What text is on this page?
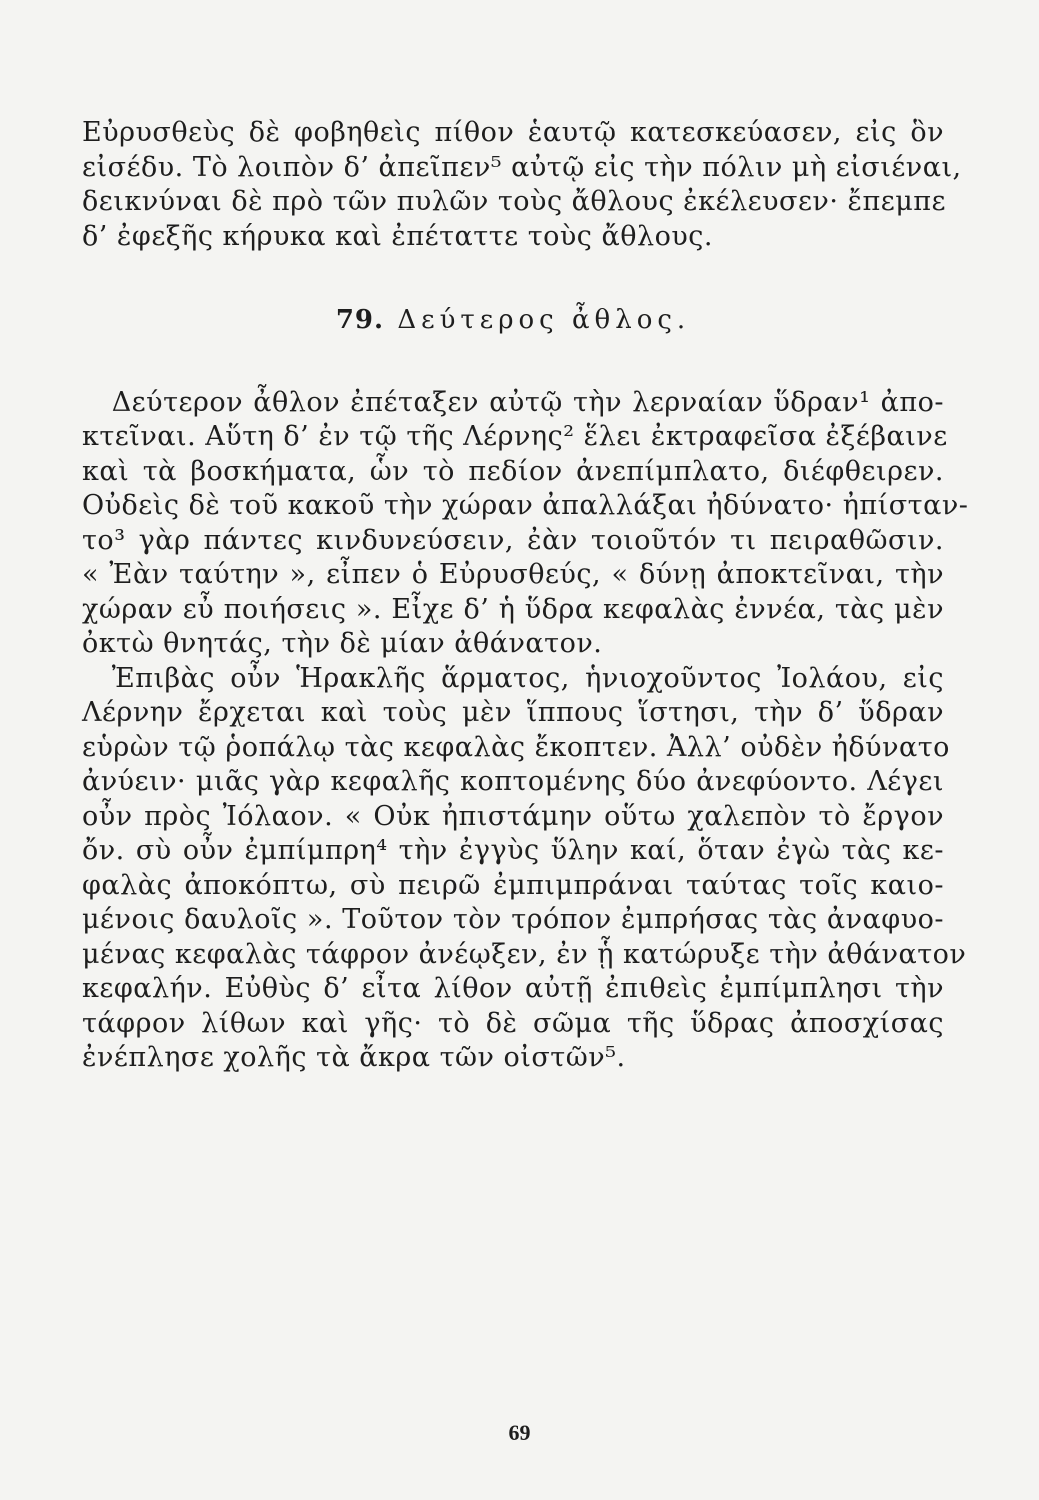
Εὐρυσθεὺς δὲ φοβηθεὶς πίθον ἑαυτῷ κατεσκεύασεν, εἰς ὃν
εἰσέδυ. Τὸ λοιπὸν δ’ ἀπεῖπεν⁵ αὐτῷ εἰς τὴν πόλιν μὴ εἰσιέναι,
δεικνύναι δὲ πρὸ τῶν πυλῶν τοὺς ἄθλους ἐκέλευσεν· ἔπεμπε
δ’ ἐφεξῆς κήρυκα καὶ ἐπέταττε τοὺς ἄθλους.
79. Δεύτερος ἆθλος.
Δεύτερον ἆθλον ἐπέταξεν αὐτῷ τὴν λερναίαν ὕδραν¹ ἀπο-
κτεῖναι. Αὕτη δ’ ἐν τῷ τῆς Λέρνης² ἕλει ἐκτραφεῖσα ἐξέβαινε
καὶ τὰ βοσκήματα, ὧν τὸ πεδίον ἀνεπίμπλατο, διέφθειρεν.
Οὐδεὶς δὲ τοῦ κακοῦ τὴν χώραν ἀπαλλάξαι ἠδύνατο· ἠπίσταν-
το³ γὰρ πάντες κινδυνεύσειν, ἐὰν τοιοῦτόν τι πειραθῶσιν.
« Ἐὰν ταύτην », εἶπεν ὁ Εὐρυσθεύς, « δύνῃ ἀποκτεῖναι, τὴν
χώραν εὖ ποιήσεις ». Εἶχε δ’ ἡ ὕδρα κεφαλὰς ἐννέα, τὰς μὲν
ὀκτὼ θνητάς, τὴν δὲ μίαν ἀθάνατον.
Ἐπιβὰς οὖν Ἡρακλῆς ἅρματος, ἡνιοχοῦντος Ἰολάου, εἰς
Λέρνην ἔρχεται καὶ τοὺς μὲν ἵππους ἵστησι, τὴν δ’ ὕδραν
εὑρὼν τῷ ῥοπάλῳ τὰς κεφαλὰς ἔκοπτεν. Ἀλλ’ οὐδὲν ἠδύνατο
ἀνύειν· μιᾶς γὰρ κεφαλῆς κοπτομένης δύο ἀνεφύοντο. Λέγει
οὖν πρὸς Ἰόλαον. « Οὐκ ἠπιστάμην οὕτω χαλεπὸν τὸ ἔργον
ὄν. σὺ οὖν ἐμπίμπρη⁴ τὴν ἐγγὺς ὕλην καί, ὅταν ἐγὼ τὰς κε-
φαλὰς ἀποκόπτω, σὺ πειρῶ ἐμπιμπράναι ταύτας τοῖς καιο-
μένοις δαυλοῖς ». Τοῦτον τὸν τρόπον ἐμπρήσας τὰς ἀναφυο-
μένας κεφαλὰς τάφρον ἀνέῳξεν, ἐν ᾗ κατώρυξε τὴν ἀθάνατον
κεφαλήν. Εὐθὺς δ’ εἶτα λίθον αὐτῇ ἐπιθεὶς ἐμπίμπλησι τὴν
τάφρον λίθων καὶ γῆς· τὸ δὲ σῶμα τῆς ὕδρας ἀποσχίσας
ἐνέπλησε χολῆς τὰ ἄκρα τῶν οἰστῶν⁵.
69
